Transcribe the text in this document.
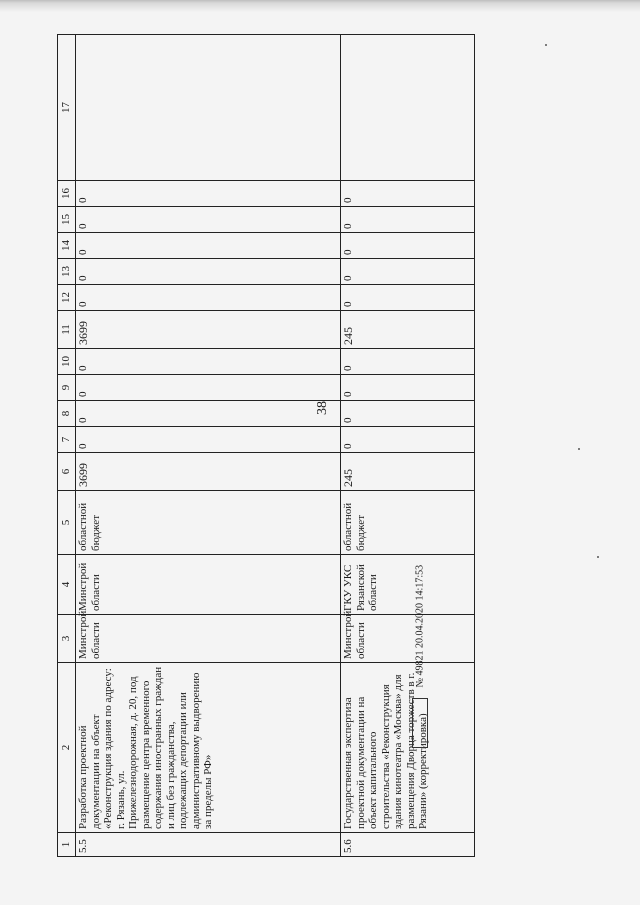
38
1	2	3	4	5	6	7	8	9	10	11	12	13	14	15	16	17
5.5	Разработка проектной документации на объект «Реконструкция здания по адресу: г. Рязань, ул. Прижелезнодорожная, д. 20, под размещение центра временного содержания иностранных граждан и лиц без гражданства, подлежащих депортации или административному выдворению за пределы РФ»	Минстрой области	Минстрой области	областной бюджет	3699	0	0	0	0	3699	0	0	0	0	0	
5.6	Государственная экспертиза проектной документации на объект капитального строительства «Реконструкция здания кинотеатра «Москва» для размещения Дворца торжеств в г. Рязани» (корректировка)	Минстрой области	ГКУ УКС Рязанской области	областной бюджет	245	0	0	0	0	245	0	0	0	0	0	
№ 49821 20.04.2020 14:17:53
